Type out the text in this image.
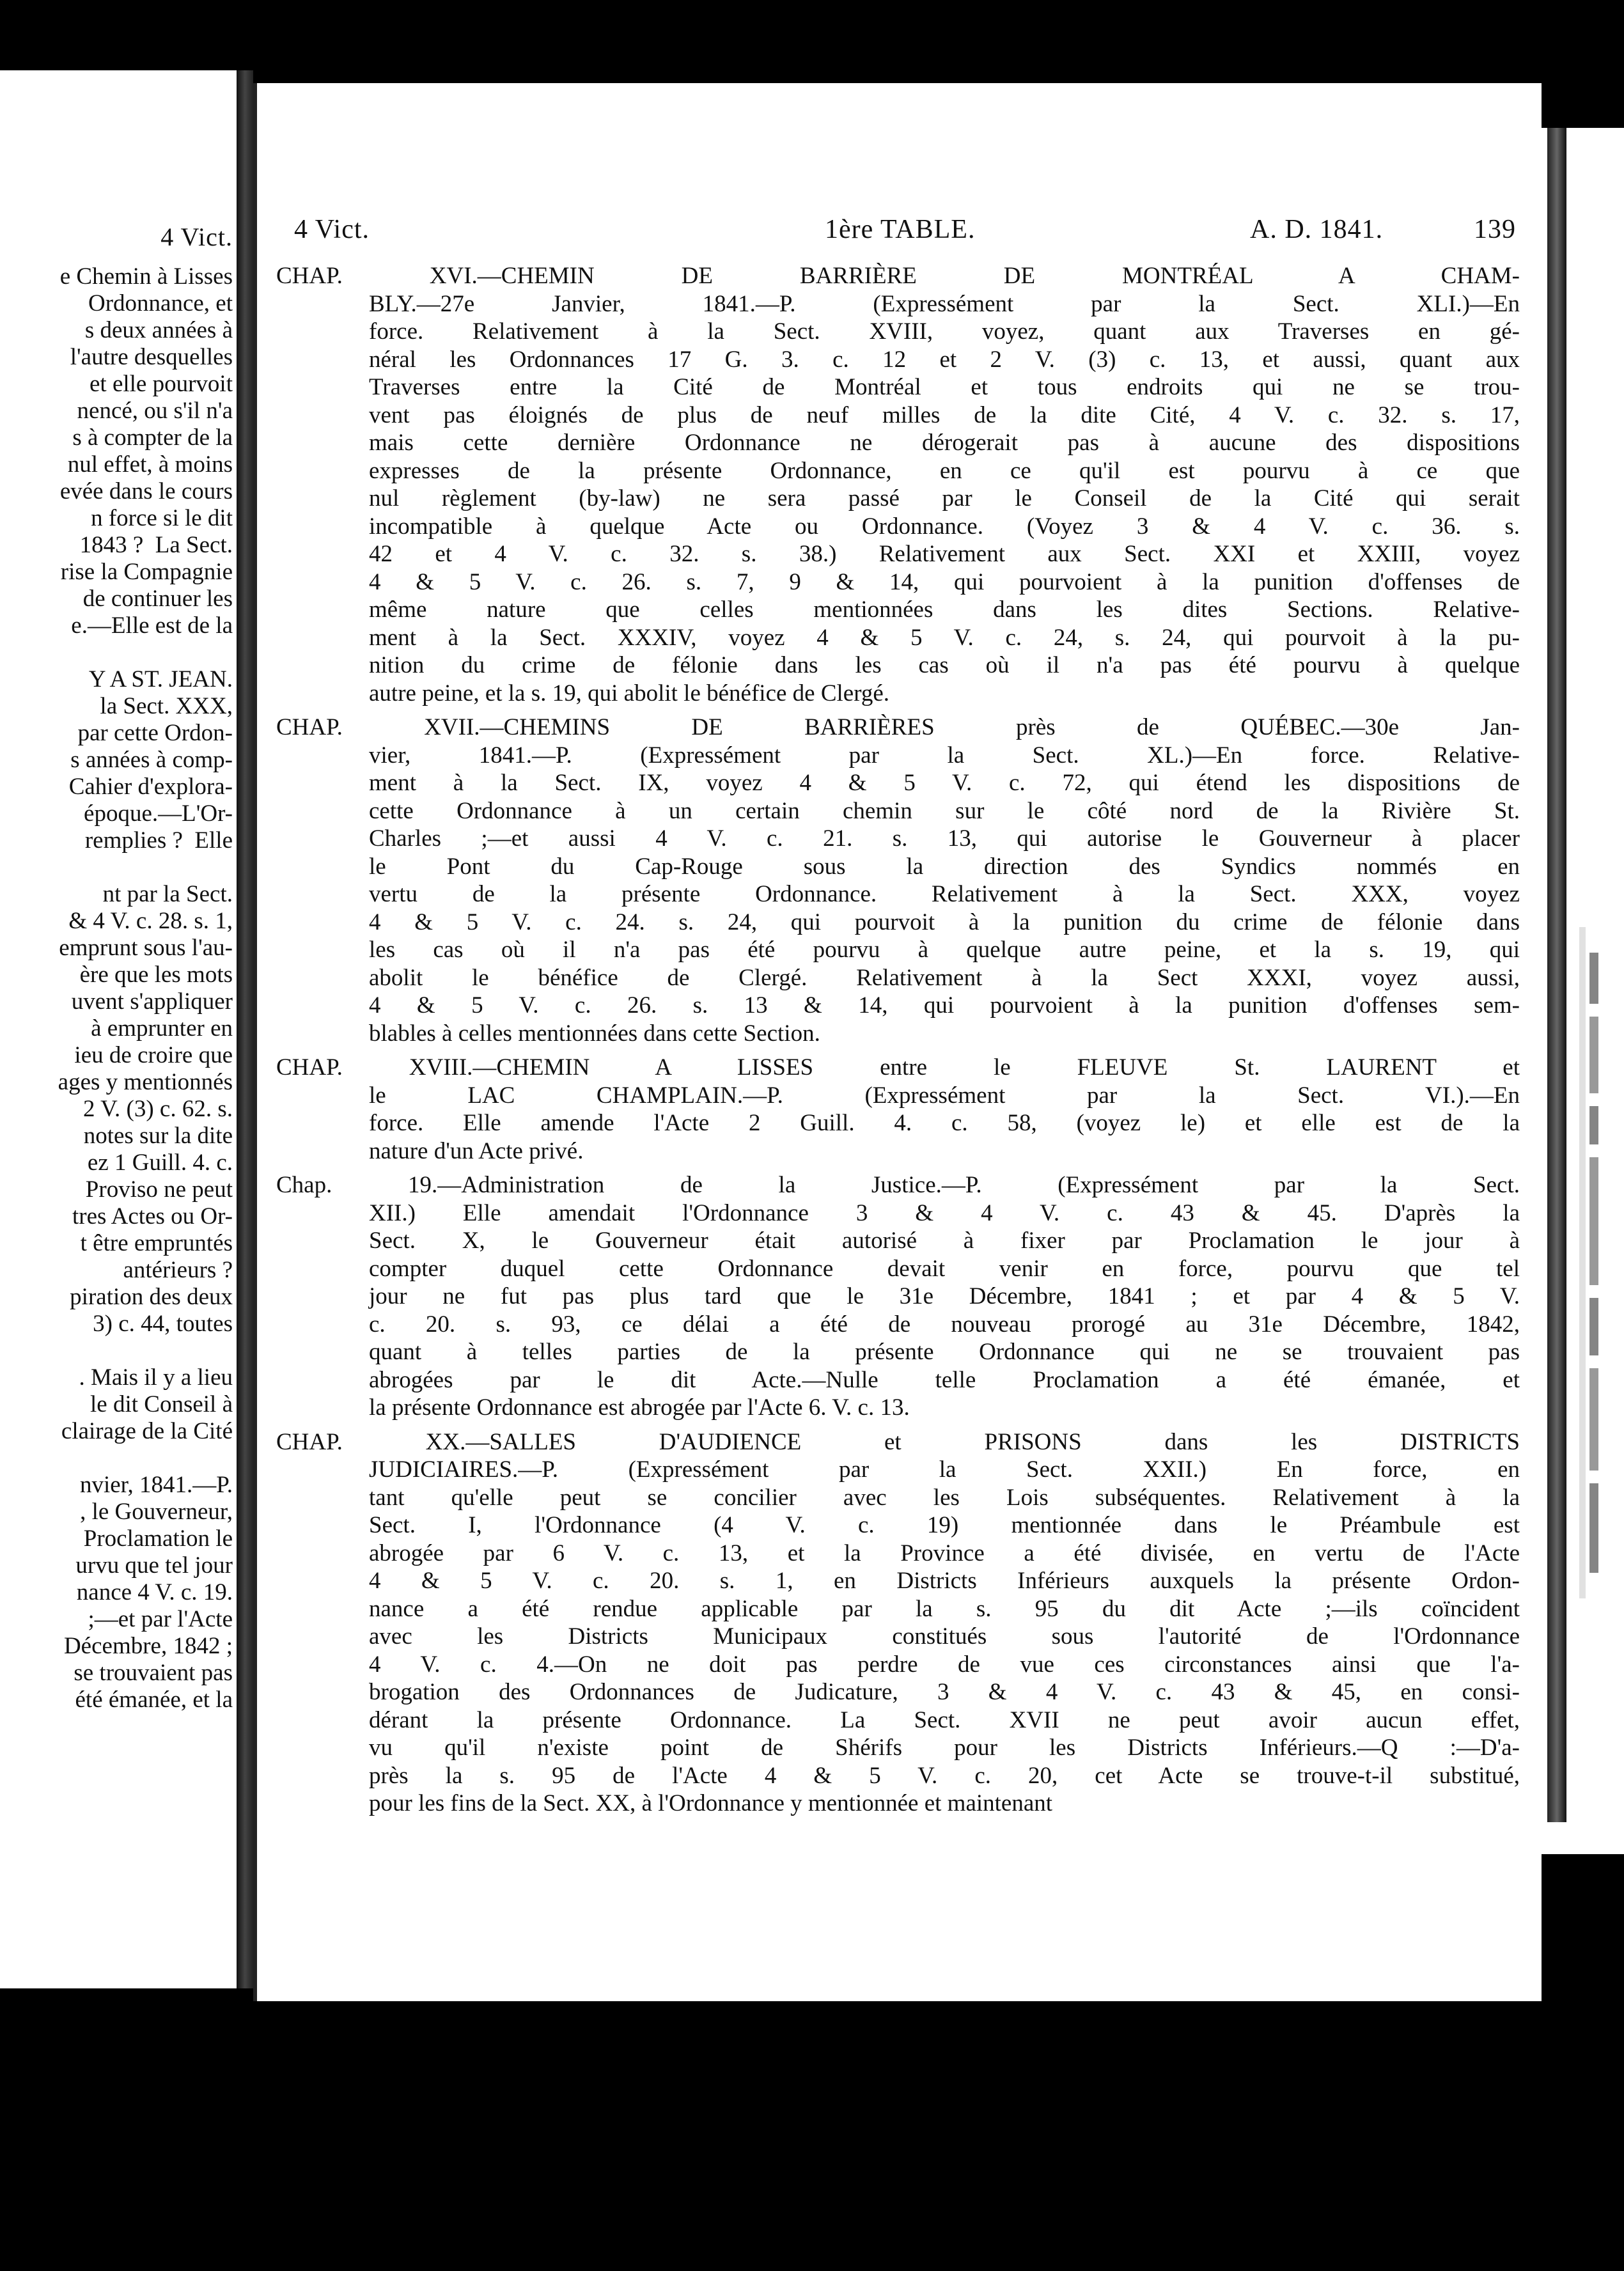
4 Vict.
e Chemin à Lisses
Ordonnance, et
s deux années à
l'autre desquelles
et elle pourvoit
nencé, ou s'il n'a
s à compter de la
nul effet, à moins
evée dans le cours
n force si le dit
1843 ?  La Sect.
rise la Compagnie
de continuer les
e.—Elle est de la

Y A ST. JEAN.
la Sect. XXX,
par cette Ordon-
s années à comp-
Cahier d'explora-
époque.—L'Or-
remplies ?  Elle

nt par la Sect.
& 4 V. c. 28. s. 1,
emprunt sous l'au-
ère que les mots
uvent s'appliquer
à emprunter en
ieu de croire que
ages y mentionnés
2 V. (3) c. 62. s.
notes sur la dite
ez 1 Guill. 4. c.
Proviso ne peut
tres Actes ou Or-
t être empruntés
antérieurs ?
piration des deux
3) c. 44, toutes

. Mais il y a lieu
le dit Conseil à
clairage de la Cité

nvier, 1841.—P.
, le Gouverneur,
Proclamation le
urvu que tel jour
nance 4 V. c. 19.
;—et par l'Acte
Décembre, 1842 ;
se trouvaient pas
été émanée, et la
4 Vict.	1ère TABLE.	A. D. 1841.	139
CHAP. XVI.—CHEMIN DE BARRIÈRE DE MONTRÉAL A CHAM-
BLY.—27e Janvier, 1841.—P. (Expressément par la Sect. XLI.)—En
force. Relativement à la Sect. XVIII, voyez, quant aux Traverses en gé-
néral les Ordonnances 17 G. 3. c. 12 et 2 V. (3) c. 13, et aussi, quant aux
Traverses entre la Cité de Montréal et tous endroits qui ne se trou-
vent pas éloignés de plus de neuf milles de la dite Cité, 4 V. c. 32. s. 17,
mais cette dernière Ordonnance ne dérogerait pas à aucune des dispositions
expresses de la présente Ordonnance, en ce qu'il est pourvu à ce que
nul règlement (by-law) ne sera passé par le Conseil de la Cité qui serait
incompatible à quelque Acte ou Ordonnance. (Voyez 3 & 4 V. c. 36. s.
42 et 4 V. c. 32. s. 38.) Relativement aux Sect. XXI et XXIII, voyez
4 & 5 V. c. 26. s. 7, 9 & 14, qui pourvoient à la punition d'offenses de
même nature que celles mentionnées dans les dites Sections. Relative-
ment à la Sect. XXXIV, voyez 4 & 5 V. c. 24, s. 24, qui pourvoit à la pu-
nition du crime de félonie dans les cas où il n'a pas été pourvu à quelque
autre peine, et la s. 19, qui abolit le bénéfice de Clergé.
CHAP. XVII.—CHEMINS DE BARRIÈRES près de QUÉBEC.—30e Jan-
vier, 1841.—P. (Expressément par la Sect. XL.)—En force. Relative-
ment à la Sect. IX, voyez 4 & 5 V. c. 72, qui étend les dispositions de
cette Ordonnance à un certain chemin sur le côté nord de la Rivière St.
Charles ;—et aussi 4 V. c. 21. s. 13, qui autorise le Gouverneur à placer
le Pont du Cap-Rouge sous la direction des Syndics nommés en
vertu de la présente Ordonnance. Relativement à la Sect. XXX, voyez
4 & 5 V. c. 24. s. 24, qui pourvoit à la punition du crime de félonie dans
les cas où il n'a pas été pourvu à quelque autre peine, et la s. 19, qui
abolit le bénéfice de Clergé. Relativement à la Sect XXXI, voyez aussi,
4 & 5 V. c. 26. s. 13 & 14, qui pourvoient à la punition d'offenses sem-
blables à celles mentionnées dans cette Section.
CHAP. XVIII.—CHEMIN A LISSES entre le FLEUVE St. LAURENT et
le LAC CHAMPLAIN.—P. (Expressément par la Sect. VI.).—En
force. Elle amende l'Acte 2 Guill. 4. c. 58, (voyez le) et elle est de la
nature d'un Acte privé.
Chap. 19.—Administration de la Justice.—P. (Expressément par la Sect.
XII.) Elle amendait l'Ordonnance 3 & 4 V. c. 43 & 45. D'après la
Sect. X, le Gouverneur était autorisé à fixer par Proclamation le jour à
compter duquel cette Ordonnance devait venir en force, pourvu que tel
jour ne fut pas plus tard que le 31e Décembre, 1841 ; et par 4 & 5 V.
c. 20. s. 93, ce délai a été de nouveau prorogé au 31e Décembre, 1842,
quant à telles parties de la présente Ordonnance qui ne se trouvaient pas
abrogées par le dit Acte.—Nulle telle Proclamation a été émanée, et
la présente Ordonnance est abrogée par l'Acte 6. V. c. 13.
CHAP. XX.—SALLES D'AUDIENCE et PRISONS dans les DISTRICTS
JUDICIAIRES.—P. (Expressément par la Sect. XXII.) En force, en
tant qu'elle peut se concilier avec les Lois subséquentes. Relativement à la
Sect. I, l'Ordonnance (4 V. c. 19) mentionnée dans le Préambule est
abrogée par 6 V. c. 13, et la Province a été divisée, en vertu de l'Acte
4 & 5 V. c. 20. s. 1, en Districts Inférieurs auxquels la présente Ordon-
nance a été rendue applicable par la s. 95 du dit Acte ;—ils coïncident
avec les Districts Municipaux constitués sous l'autorité de l'Ordonnance
4 V. c. 4.—On ne doit pas perdre de vue ces circonstances ainsi que l'a-
brogation des Ordonnances de Judicature, 3 & 4 V. c. 43 & 45, en consi-
dérant la présente Ordonnance. La Sect. XVII ne peut avoir aucun effet,
vu qu'il n'existe point de Shérifs pour les Districts Inférieurs.—Q :—D'a-
près la s. 95 de l'Acte 4 & 5 V. c. 20, cet Acte se trouve-t-il substitué,
pour les fins de la Sect. XX, à l'Ordonnance y mentionnée et maintenant
